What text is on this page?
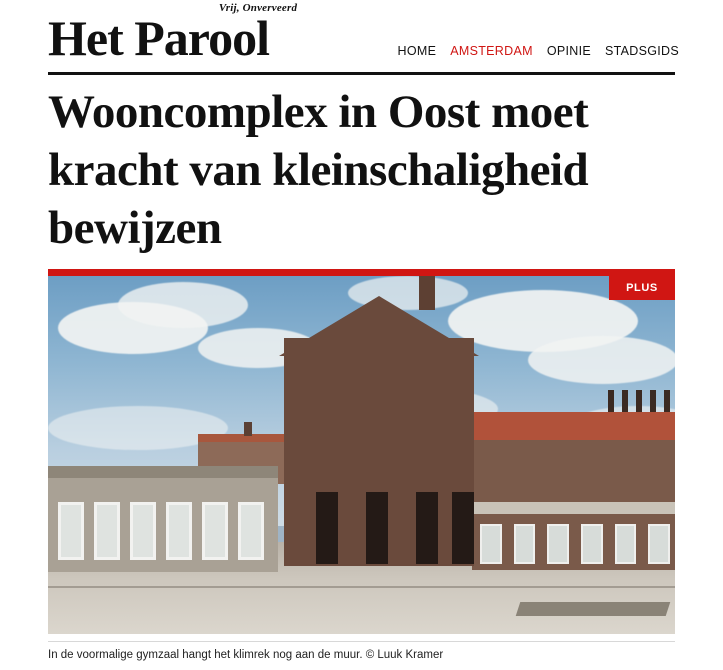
Vrij, Onverveerd
Het Parool	HOME AMSTERDAM OPINIE STADSGIDS
Wooncomplex in Oost moet kracht van kleinschaligheid bewijzen
PLUS
In de voormalige gymzaal hangt het klimrek nog aan de muur. © Luuk Kramer
